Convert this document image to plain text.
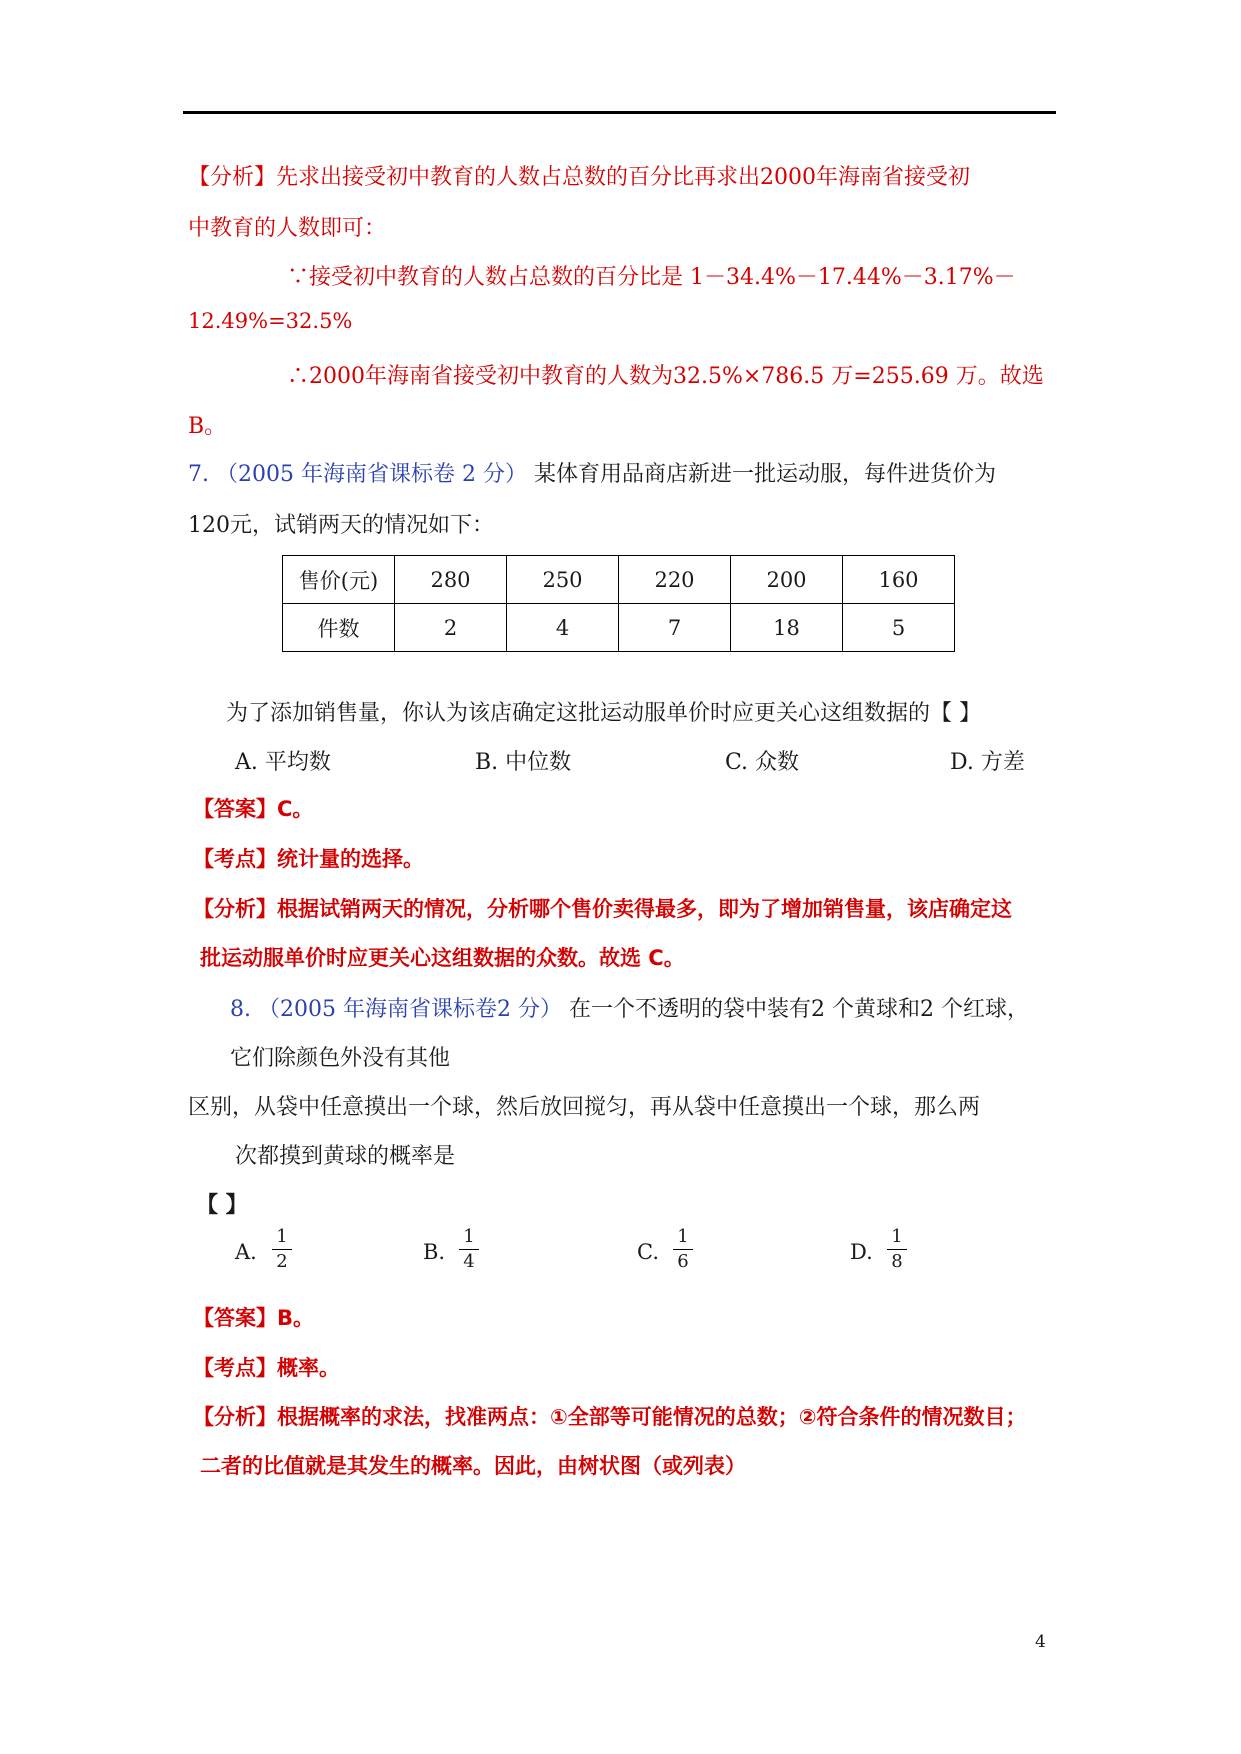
【分析】先求出接受初中教育的人数占总数的百分比再求出2000年海南省接受初
中教育的人数即可：
∵接受初中教育的人数占总数的百分比是 1－34.4%－17.44%－3.17%－
12.49%=32.5%
∴2000年海南省接受初中教育的人数为32.5%×786.5 万=255.69 万。故选
B。
7. （2005 年海南省课标卷 2 分） 某体育用品商店新进一批运动服，每件进货价为
120元，试销两天的情况如下：
售价(元)	280	250	220	200	160
件数	2	4	7	18	5
为了添加销售量，你认为该店确定这批运动服单价时应更关心这组数据的【 】
A. 平均数	B. 中位数	C. 众数	D. 方差
【答案】C。
【考点】统计量的选择。
【分析】根据试销两天的情况，分析哪个售价卖得最多，即为了增加销售量，该店确定这
批运动服单价时应更关心这组数据的众数。故选 C。
8. （2005 年海南省课标卷2 分） 在一个不透明的袋中装有2 个黄球和2 个红球，
它们除颜色外没有其他
区别，从袋中任意摸出一个球，然后放回搅匀，再从袋中任意摸出一个球，那么两
次都摸到黄球的概率是
【 】
A.
1
2	B.
1
4	C.
1
6	D.
1
8
【答案】B。
【考点】概率。
【分析】根据概率的求法，找准两点：①全部等可能情况的总数；②符合条件的情况数目；
二者的比值就是其发生的概率。因此，由树状图（或列表）
4
